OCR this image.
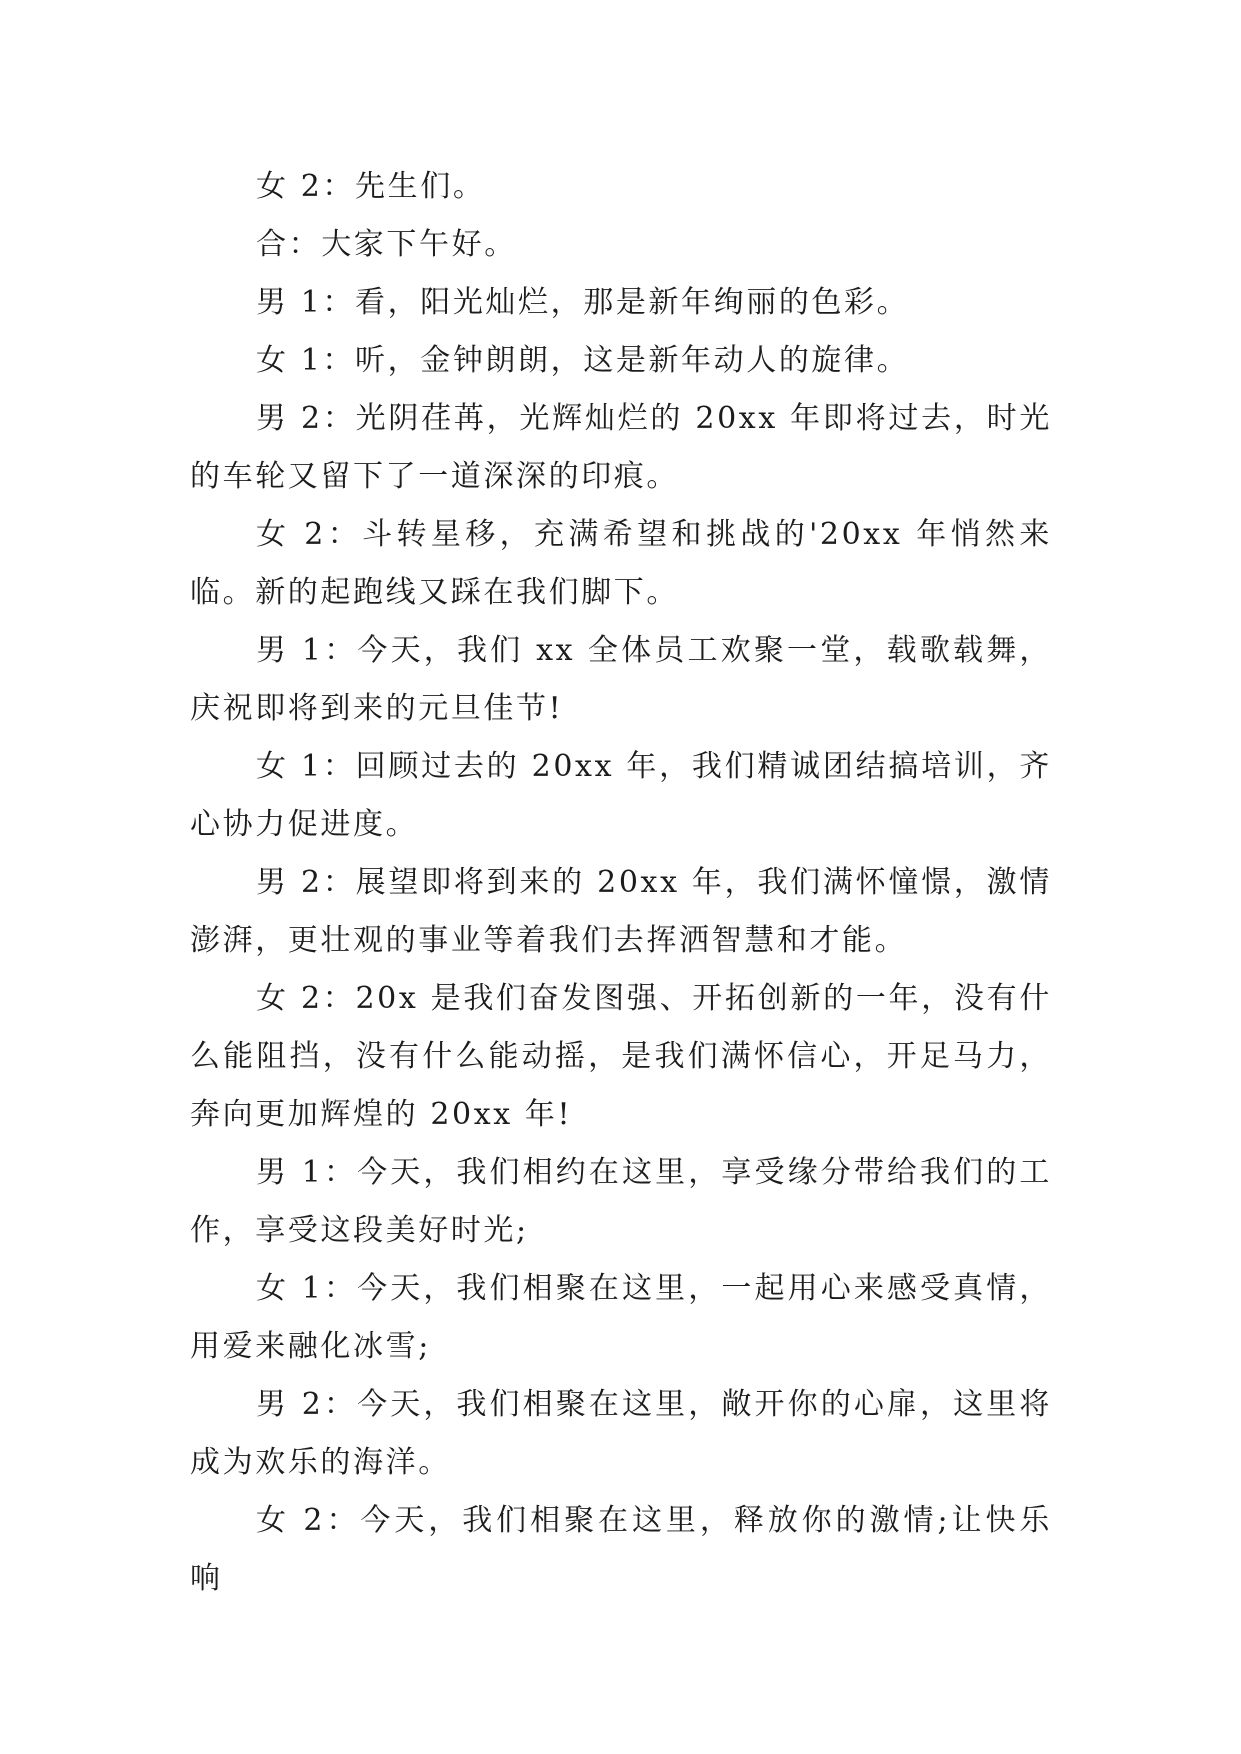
女 2：先生们。

合：大家下午好。

男 1：看，阳光灿烂，那是新年绚丽的色彩。

女 1：听，金钟朗朗，这是新年动人的旋律。

男 2：光阴荏苒，光辉灿烂的 20xx 年即将过去，时光的车轮又留下了一道深深的印痕。

女 2：斗转星移，充满希望和挑战的'20xx 年悄然来临。新的起跑线又踩在我们脚下。

男 1：今天，我们 xx 全体员工欢聚一堂，载歌载舞，庆祝即将到来的元旦佳节!

女 1：回顾过去的 20xx 年，我们精诚团结搞培训，齐心协力促进度。

男 2：展望即将到来的 20xx 年，我们满怀憧憬，激情澎湃，更壮观的事业等着我们去挥洒智慧和才能。

女 2：20x 是我们奋发图强、开拓创新的一年，没有什么能阻挡，没有什么能动摇，是我们满怀信心，开足马力，奔向更加辉煌的 20xx 年!

男 1：今天，我们相约在这里，享受缘分带给我们的工作，享受这段美好时光;

女 1：今天，我们相聚在这里，一起用心来感受真情，用爱来融化冰雪;

男 2：今天，我们相聚在这里，敞开你的心扉，这里将成为欢乐的海洋。

女 2：今天，我们相聚在这里，释放你的激情;让快乐响
